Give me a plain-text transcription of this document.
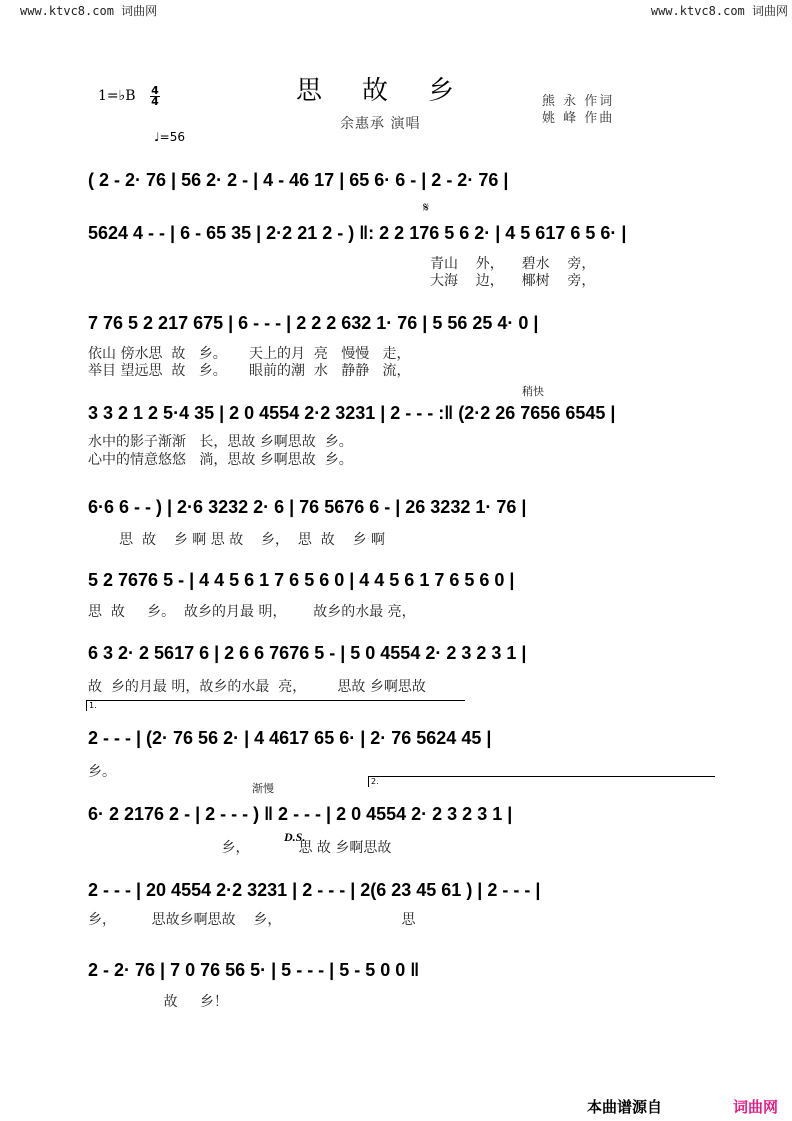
www.ktvc8.com 词曲网	www.ktvc8.com 词曲网
思故乡
1=♭B 4
4
♩=56
余惠承 演唱
熊 永 作词
姚 峰 作曲
( 2 - 2· 76 | 56 2· 2 - | 4 - 46 17 | 65 6· 6 - | 2 - 2· 76 |
𝄋
5624 4 - - | 6 - 65 35 | 2·2 21 2 - ) ‖: 2 2 176 5 6 2· | 4 5 617 6 5 6· |
青山    外，    碧水    旁，
大海    边，    椰树    旁，
7 76 5 2 217 675 | 6 - - - | 2 2 2 632 1· 76 | 5 56 25 4· 0 |
依山 傍水思  故   乡。     天上的月  亮   慢慢   走，
举目 望远思  故   乡。     眼前的潮  水   静静   流，
稍快
3 3 2 1 2 5·4 35 | 2 0 4554 2·2 3231 | 2 - - - :‖ (2·2 26 7656 6545 |
水中的影子渐渐   长，思故 乡啊思故  乡。
心中的情意悠悠   淌，思故 乡啊思故  乡。
6·6 6 - - ) | 2·6 3232 2· 6 | 76 5676 6 - | 26 3232 1· 76 |
思  故    乡 啊 思 故    乡，  思  故    乡 啊
5 2 7676 5 - | 4 4 5 6 1 7 6 5 6 0 | 4 4 5 6 1 7 6 5 6 0 |
思  故     乡。  故乡的月最 明，      故乡的水最 亮，
6 3 2· 2 5617 6 | 2 6 6 7676 5 - | 5 0 4554 2· 2 3 2 3 1 |
故  乡的月最 明，故乡的水最  亮，       思故 乡啊思故
1.
2 - - - | (2· 76 56 2· | 4 4617 65 6· | 2· 76 5624 45 |
乡。
渐慢
2.
6· 2 2176 2 - | 2 - - - ) ‖ 2 - - - | 2 0 4554 2· 2 3 2 3 1 |
D.S.
乡，           思 故 乡啊思故
2 - - - | 20 4554 2·2 3231 | 2 - - - | 2(6 23 45 61 ) | 2 - - - |
乡，        思故乡啊思故    乡，                           思
2 - 2· 76 | 7 0 76 56 5· | 5 - - - | 5 - 5 0 0 ‖
故     乡！
本曲谱源自	词曲网
